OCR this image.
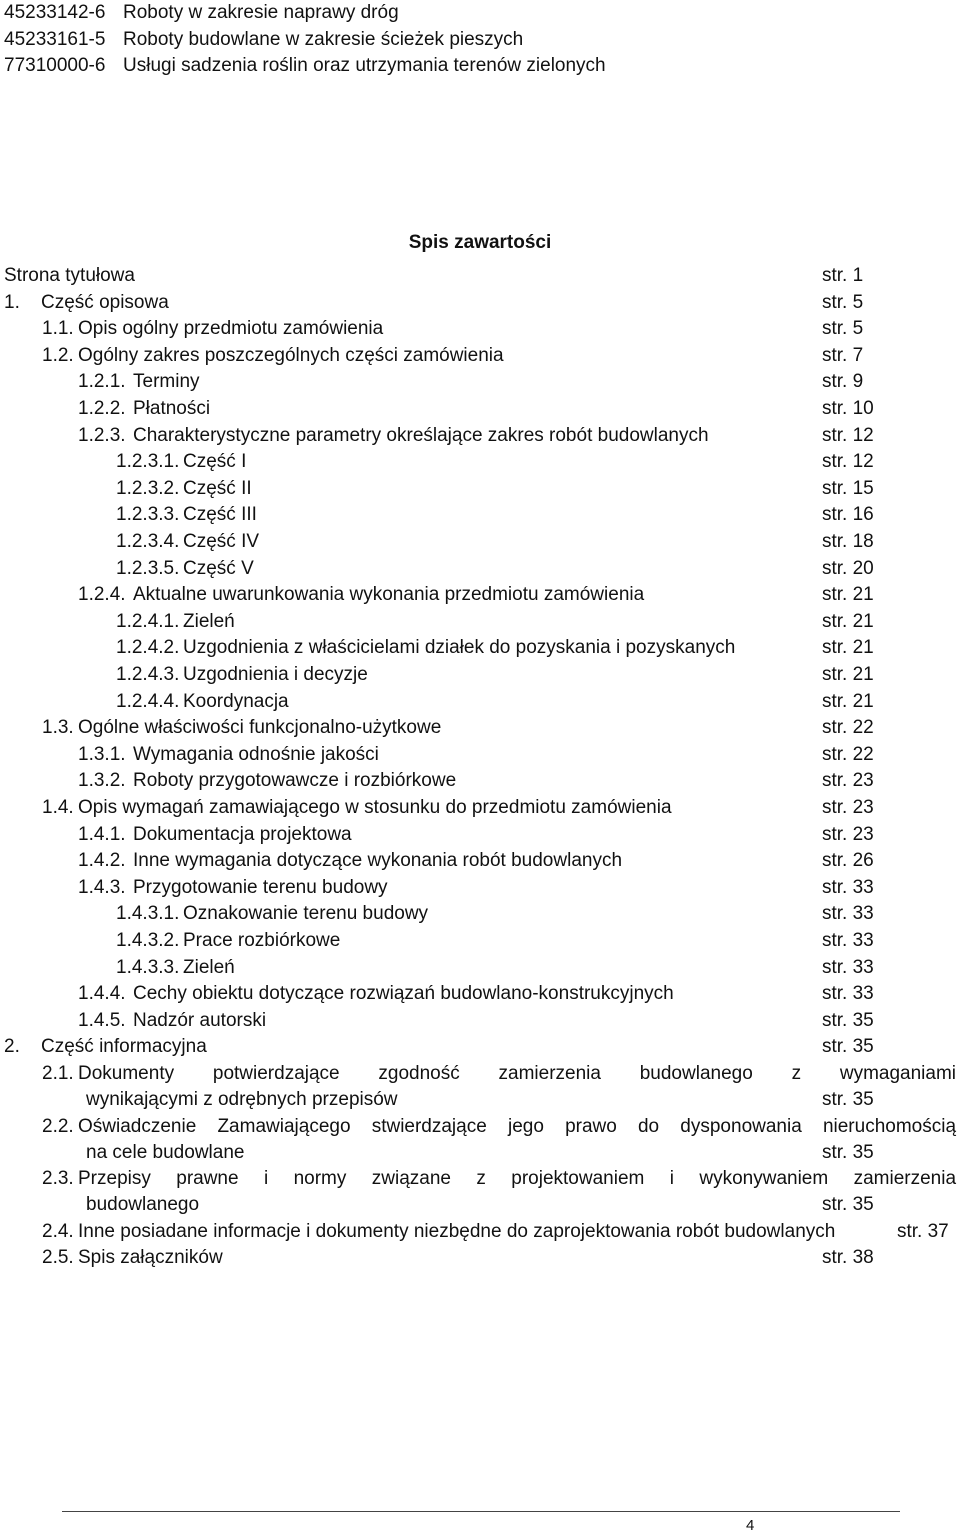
45233142-6 Roboty w zakresie naprawy dróg
45233161-5 Roboty budowlane w zakresie ścieżek pieszych
77310000-6 Usługi sadzenia roślin oraz utrzymania terenów zielonych
Spis zawartości
Strona tytułowa	str. 1
1. Część opisowa	str. 5
1.1. Opis ogólny przedmiotu zamówienia	str. 5
1.2. Ogólny zakres poszczególnych części zamówienia	str. 7
1.2.1. Terminy	str. 9
1.2.2. Płatności	str. 10
1.2.3. Charakterystyczne parametry określające zakres robót budowlanych	str. 12
1.2.3.1. Część I	str. 12
1.2.3.2. Część II	str. 15
1.2.3.3. Część III	str. 16
1.2.3.4. Część IV	str. 18
1.2.3.5. Część V	str. 20
1.2.4. Aktualne uwarunkowania wykonania przedmiotu zamówienia	str. 21
1.2.4.1. Zieleń	str. 21
1.2.4.2. Uzgodnienia z właścicielami działek do pozyskania i pozyskanych	str. 21
1.2.4.3. Uzgodnienia i decyzje	str. 21
1.2.4.4. Koordynacja	str. 21
1.3. Ogólne właściwości funkcjonalno-użytkowe	str. 22
1.3.1. Wymagania odnośnie jakości	str. 22
1.3.2. Roboty przygotowawcze i rozbiórkowe	str. 23
1.4. Opis wymagań zamawiającego w stosunku do przedmiotu zamówienia	str. 23
1.4.1. Dokumentacja projektowa	str. 23
1.4.2. Inne wymagania dotyczące wykonania robót budowlanych	str. 26
1.4.3. Przygotowanie terenu budowy	str. 33
1.4.3.1. Oznakowanie terenu budowy	str. 33
1.4.3.2. Prace rozbiórkowe	str. 33
1.4.3.3. Zieleń	str. 33
1.4.4. Cechy obiektu dotyczące rozwiązań budowlano-konstrukcyjnych	str. 33
1.4.5. Nadzór autorski	str. 35
2. Część informacyjna	str. 35
2.1. Dokumenty potwierdzające zgodność zamierzenia budowlanego z wymaganiami
wynikającymi z odrębnych przepisów	str. 35
2.2. Oświadczenie Zamawiającego stwierdzające jego prawo do dysponowania nieruchomością
na cele budowlane	str. 35
2.3. Przepisy prawne i normy związane z projektowaniem i wykonywaniem zamierzenia
budowlanego	str. 35
2.4. Inne posiadane informacje i dokumenty niezbędne do zaprojektowania robót budowlanych	str. 37
2.5. Spis załączników	str. 38
4
